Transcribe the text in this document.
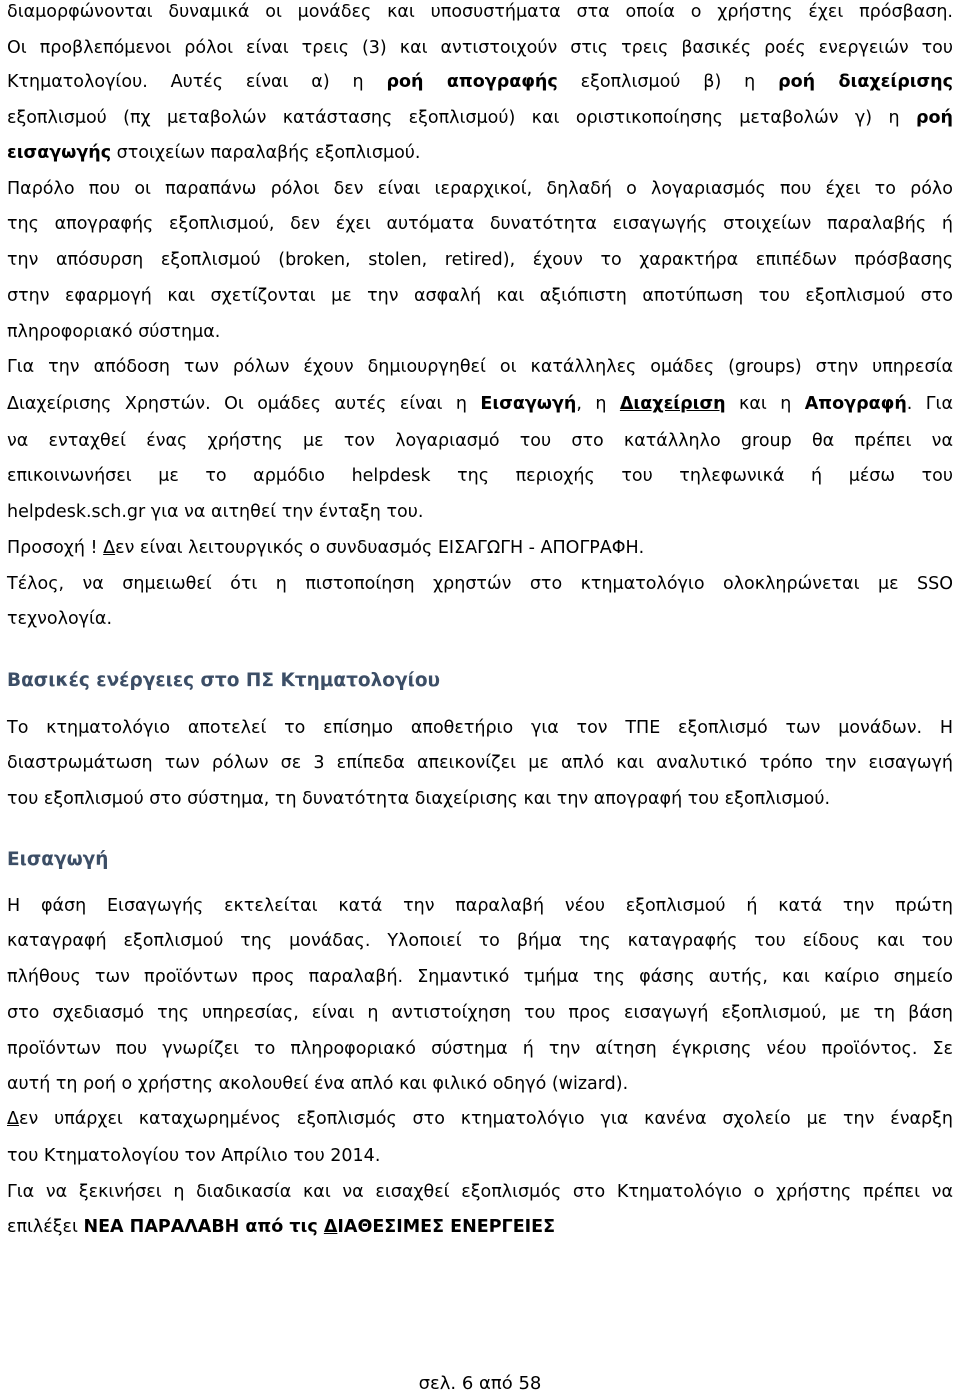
διαμορφώνονται δυναμικά οι μονάδες και υποσυστήματα στα οποία ο χρήστης έχει πρόσβαση.
Οι προβλεπόμενοι ρόλοι είναι τρεις (3) και αντιστοιχούν στις τρεις βασικές ροές ενεργειών του
Κτηματολογίου. Αυτές είναι α) η ροή απογραφής εξοπλισμού β) η ροή διαχείρισης
εξοπλισμού (πχ μεταβολών κατάστασης εξοπλισμού) και οριστικοποίησης μεταβολών γ) η ροή
εισαγωγής στοιχείων παραλαβής εξοπλισμού.
Παρόλο που οι παραπάνω ρόλοι δεν είναι ιεραρχικοί, δηλαδή ο λογαριασμός που έχει το ρόλο
της απογραφής εξοπλισμού, δεν έχει αυτόματα δυνατότητα εισαγωγής στοιχείων παραλαβής ή
την απόσυρση εξοπλισμού (broken, stolen, retired), έχουν το χαρακτήρα επιπέδων πρόσβασης
στην εφαρμογή και σχετίζονται με την ασφαλή και αξιόπιστη αποτύπωση του εξοπλισμού στο
πληροφοριακό σύστημα.
Για την απόδοση των ρόλων έχουν δημιουργηθεί οι κατάλληλες ομάδες (groups) στην υπηρεσία
Διαχείρισης Χρηστών. Οι ομάδες αυτές είναι η Εισαγωγή, η Διαχείριση και η Απογραφή. Για
να ενταχθεί ένας χρήστης με τον λογαριασμό του στο κατάλληλο group θα πρέπει να
επικοινωνήσει με το αρμόδιο helpdesk της περιοχής του τηλεφωνικά ή μέσω του
helpdesk.sch.gr για να αιτηθεί την ένταξη του.
Προσοχή ! Δεν είναι λειτουργικός ο συνδυασμός ΕΙΣΑΓΩΓΗ - ΑΠΟΓΡΑΦΗ.
Τέλος, να σημειωθεί ότι η πιστοποίηση χρηστών στο κτηματολόγιο ολοκληρώνεται με SSO
τεχνολογία.
Βασικές ενέργειες στο ΠΣ Κτηματολογίου
Το κτηματολόγιο αποτελεί το επίσημο αποθετήριο για τον ΤΠΕ εξοπλισμό των μονάδων. Η
διαστρωμάτωση των ρόλων σε 3 επίπεδα απεικονίζει με απλό και αναλυτικό τρόπο την εισαγωγή
του εξοπλισμού στο σύστημα, τη δυνατότητα διαχείρισης και την απογραφή του εξοπλισμού.
Εισαγωγή
Η φάση Εισαγωγής εκτελείται κατά την παραλαβή νέου εξοπλισμού ή κατά την πρώτη
καταγραφή εξοπλισμού της μονάδας. Υλοποιεί το βήμα της καταγραφής του είδους και του
πλήθους των προϊόντων προς παραλαβή. Σημαντικό τμήμα της φάσης αυτής, και καίριο σημείο
στο σχεδιασμό της υπηρεσίας, είναι η αντιστοίχηση του προς εισαγωγή εξοπλισμού, με τη βάση
προϊόντων που γνωρίζει το πληροφοριακό σύστημα ή την αίτηση έγκρισης νέου προϊόντος. Σε
αυτή τη ροή ο χρήστης ακολουθεί ένα απλό και φιλικό οδηγό (wizard).
Δεν υπάρχει καταχωρημένος εξοπλισμός στο κτηματολόγιο για κανένα σχολείο με την έναρξη
του Κτηματολογίου τον Απρίλιο του 2014.
Για να ξεκινήσει η διαδικασία και να εισαχθεί εξοπλισμός στο Κτηματολόγιο ο χρήστης πρέπει να
επιλέξει ΝΕΑ ΠΑΡΑΛΑΒΗ από τις ΔΙΑΘΕΣΙΜΕΣ ΕΝΕΡΓΕΙΕΣ
σελ. 6 από 58
